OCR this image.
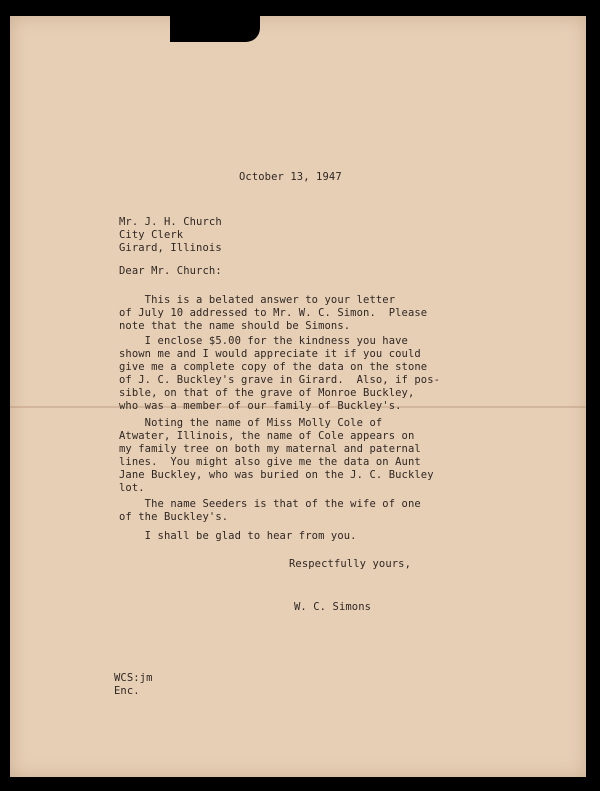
October 13, 1947

Mr. J. H. Church
City Clerk
Girard, Illinois

Dear Mr. Church:

This is a belated answer to your letter
of July 10 addressed to Mr. W. C. Simon.  Please
note that the name should be Simons.

I enclose $5.00 for the kindness you have
shown me and I would appreciate it if you could
give me a complete copy of the data on the stone
of J. C. Buckley's grave in Girard.  Also, if pos-
sible, on that of the grave of Monroe Buckley,
who was a member of our family of Buckley's.

Noting the name of Miss Molly Cole of
Atwater, Illinois, the name of Cole appears on
my family tree on both my maternal and paternal
lines.  You might also give me the data on Aunt
Jane Buckley, who was buried on the J. C. Buckley
lot.

The name Seeders is that of the wife of one
of the Buckley's.

I shall be glad to hear from you.

Respectfully yours,

W. C. Simons

WCS:jm
Enc.
